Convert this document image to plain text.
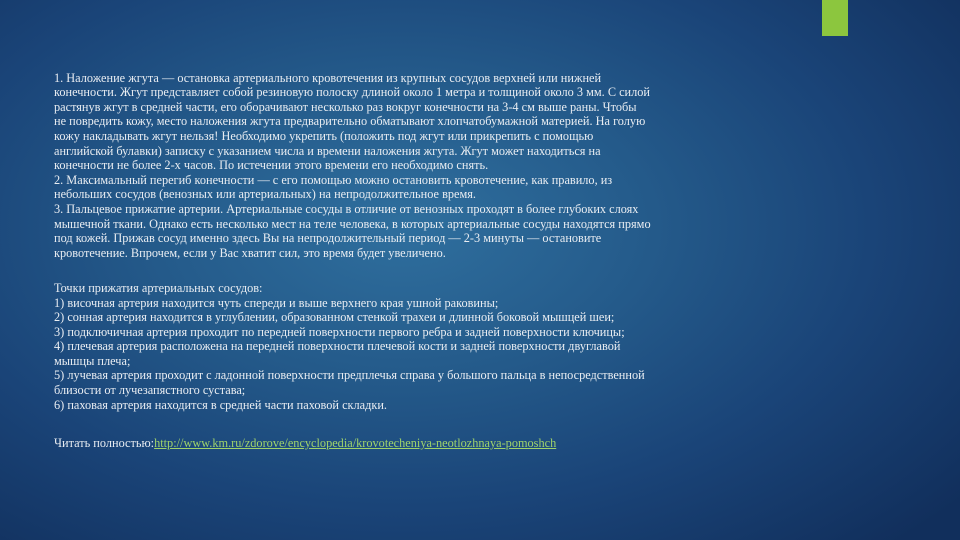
1. Наложение жгута — остановка артериального кровотечения из крупных сосудов верхней или нижней
конечности. Жгут представляет собой резиновую полоску длиной около 1 метра и толщиной около 3 мм. С силой
растянув жгут в средней части, его оборачивают несколько раз вокруг конечности на 3-4 см выше раны. Чтобы
не повредить кожу, место наложения жгута предварительно обматывают хлопчатобумажной материей. На голую
кожу накладывать жгут нельзя! Необходимо укрепить (положить под жгут или прикрепить с помощью
английской булавки) записку с указанием числа и времени наложения жгута. Жгут может находиться на
конечности не более 2-х часов. По истечении этого времени его необходимо снять.
2. Максимальный перегиб конечности — с его помощью можно остановить кровотечение, как правило, из
небольших сосудов (венозных или артериальных) на непродолжительное время.
3. Пальцевое прижатие артерии. Артериальные сосуды в отличие от венозных проходят в более глубоких слоях
мышечной ткани. Однако есть несколько мест на теле человека, в которых артериальные сосуды находятся прямо
под кожей. Прижав сосуд именно здесь Вы на непродолжительный период — 2-3 минуты — остановите
кровотечение. Впрочем, если у Вас хватит сил, это время будет увеличено.

Точки прижатия артериальных сосудов:
1) височная артерия находится чуть спереди и выше верхнего края ушной раковины;
2) сонная артерия находится в углублении, образованном стенкой трахеи и длинной боковой мышцей шеи;
3) подключичная артерия проходит по передней поверхности первого ребра и задней поверхности ключицы;
4) плечевая артерия расположена на передней поверхности плечевой кости и задней поверхности двуглавой
мышцы плеча;
5) лучевая артерия проходит с ладонной поверхности предплечья справа у большого пальца в непосредственной
близости от лучезапястного сустава;
6) паховая артерия находится в средней части паховой складки.

Читать полностью:http://www.km.ru/zdorove/encyclopedia/krovotecheniya-neotlozhnaya-pomoshch
